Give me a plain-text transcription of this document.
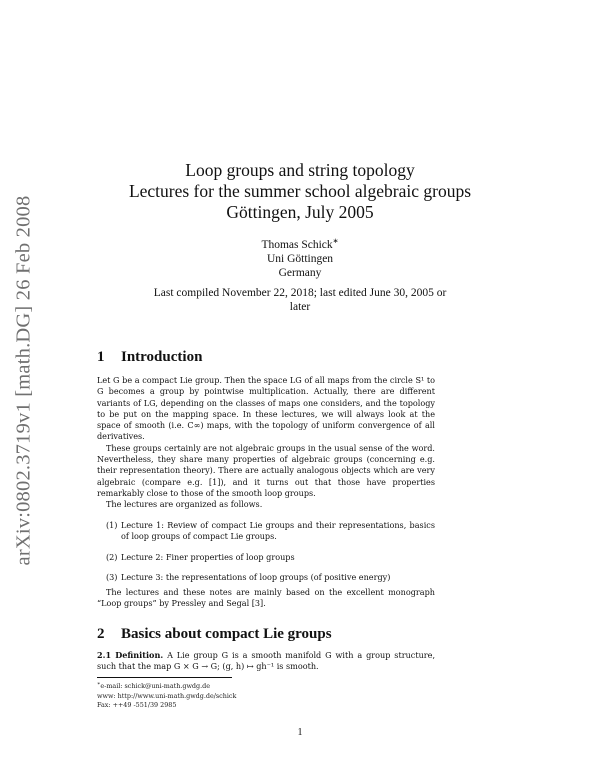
arXiv:0802.3719v1 [math.DG] 26 Feb 2008
Loop groups and string topology
Lectures for the summer school algebraic groups
Göttingen, July 2005
Thomas Schick∗
Uni Göttingen
Germany
Last compiled November 22, 2018; last edited June 30, 2005 or
later
1 Introduction

Let G be a compact Lie group. Then the space LG of all maps from the circle S¹ to G becomes a group by pointwise multiplication. Actually, there are different variants of LG, depending on the classes of maps one considers, and the topology to be put on the mapping space. In these lectures, we will always look at the space of smooth (i.e. C∞) maps, with the topology of uniform convergence of all derivatives.

These groups certainly are not algebraic groups in the usual sense of the word. Nevertheless, they share many properties of algebraic groups (concerning e.g. their representation theory). There are actually analogous objects which are very algebraic (compare e.g. [1]), and it turns out that those have properties remarkably close to those of the smooth loop groups.

The lectures are organized as follows.

(1) Lecture 1: Review of compact Lie groups and their representations, basics of loop groups of compact Lie groups.
(2) Lecture 2: Finer properties of loop groups
(3) Lecture 3: the representations of loop groups (of positive energy)

The lectures and these notes are mainly based on the excellent monograph “Loop groups” by Pressley and Segal [3].

2 Basics about compact Lie groups

2.1 Definition. A Lie group G is a smooth manifold G with a group structure, such that the map G × G → G; (g, h) ↦ gh⁻¹ is smooth.

∗e-mail: schick@uni-math.gwdg.de
www: http://www.uni-math.gwdg.de/schick
Fax: ++49 -551/39 2985
1
